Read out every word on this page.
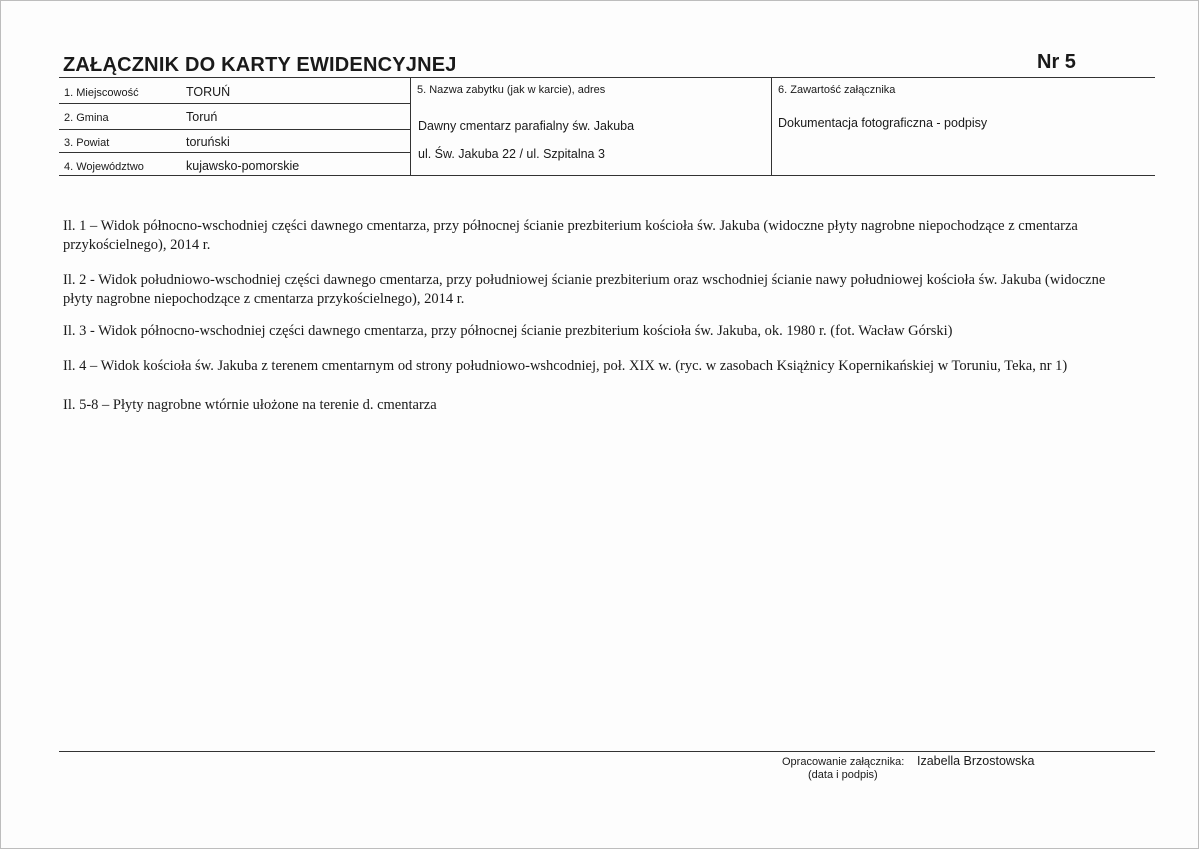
ZAŁĄCZNIK DO KARTY EWIDENCYJNEJ	Nr 5
1. Miejscowość	TORUŃ
2. Gmina	Toruń
3. Powiat	toruński
4. Województwo	kujawsko-pomorskie
5. Nazwa zabytku (jak w karcie), adres
Dawny cmentarz parafialny św. Jakuba
ul. Św. Jakuba 22 / ul. Szpitalna 3
6. Zawartość załącznika
Dokumentacja fotograficzna - podpisy
Il. 1 – Widok północno-wschodniej części dawnego cmentarza, przy północnej ścianie prezbiterium kościoła św. Jakuba (widoczne płyty nagrobne niepochodzące z cmentarza przykościelnego), 2014 r.
Il. 2 - Widok południowo-wschodniej części dawnego cmentarza, przy południowej ścianie prezbiterium oraz wschodniej ścianie nawy południowej kościoła św. Jakuba (widoczne płyty nagrobne niepochodzące z cmentarza przykościelnego), 2014 r.
Il. 3 - Widok północno-wschodniej części dawnego cmentarza, przy północnej ścianie prezbiterium kościoła św. Jakuba, ok. 1980 r. (fot. Wacław Górski)
Il. 4 – Widok kościoła św. Jakuba z terenem cmentarnym od strony południowo-wshcodniej, poł. XIX w. (ryc. w zasobach Książnicy Kopernikańskiej w Toruniu, Teka, nr 1)
Il. 5-8 – Płyty nagrobne wtórnie ułożone na terenie d. cmentarza
Opracowanie załącznika:
(data i podpis)
Izabella Brzostowska
